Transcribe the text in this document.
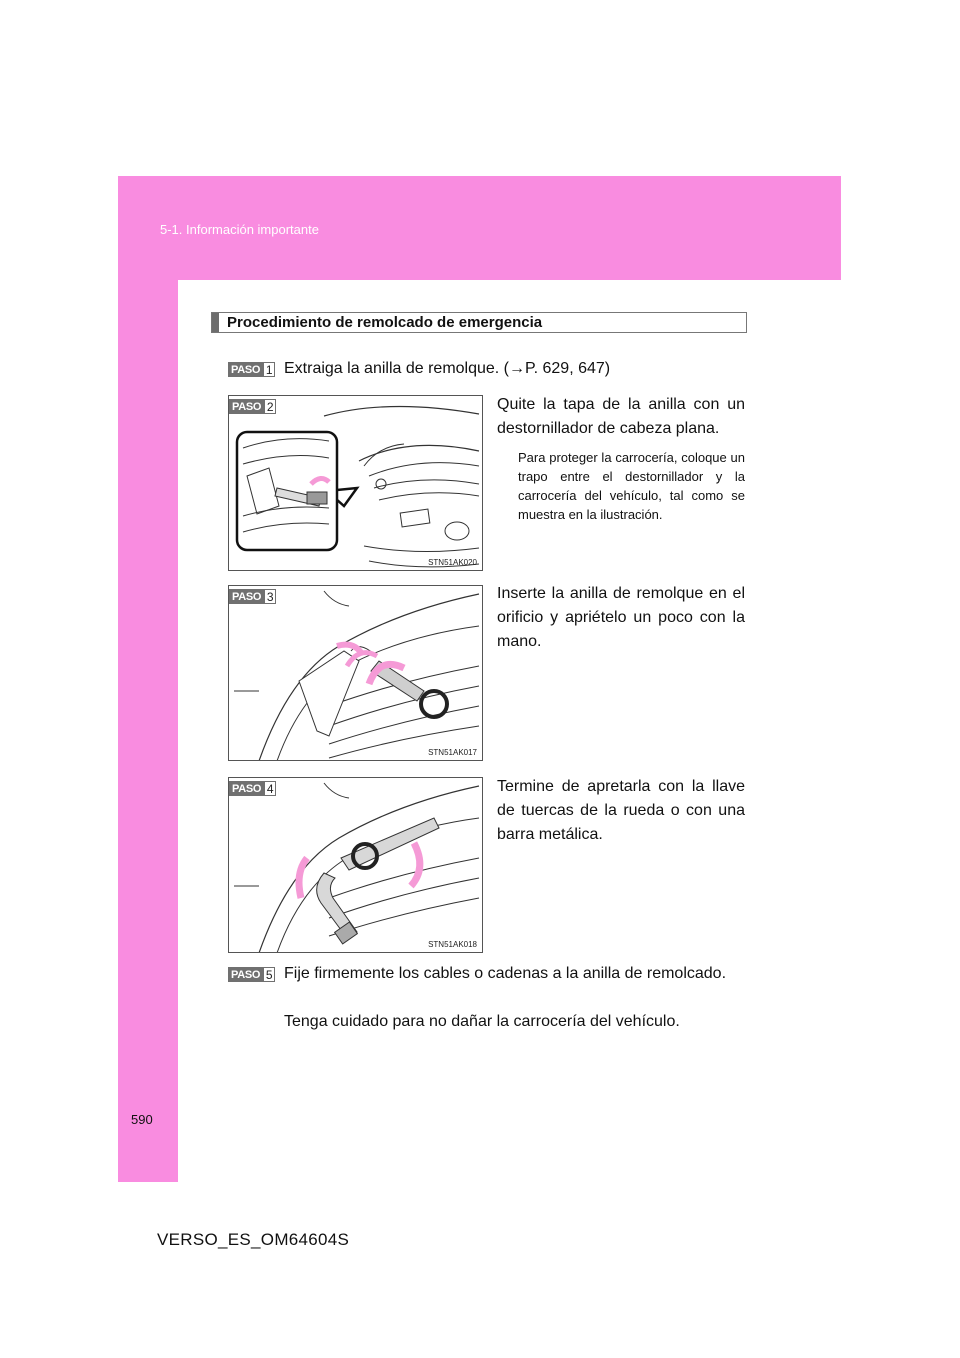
5-1. Información importante
Procedimiento de remolcado de emergencia
PASO 1 Extraiga la anilla de remolque. (→P. 629, 647)
PASO 2
STN51AK020
Quite la tapa de la anilla con un destornillador de cabeza plana.
Para proteger la carrocería, coloque un trapo entre el destornillador y la carrocería del vehículo, tal como se muestra en la ilustración.
PASO 3
STN51AK017
Inserte la anilla de remolque en el orificio y apriételo un poco con la mano.
PASO 4
STN51AK018
Termine de apretarla con la llave de tuercas de la rueda o con una barra metálica.
PASO 5 Fije firmemente los cables o cadenas a la anilla de remolcado.
Tenga cuidado para no dañar la carrocería del vehículo.
590
VERSO_ES_OM64604S
